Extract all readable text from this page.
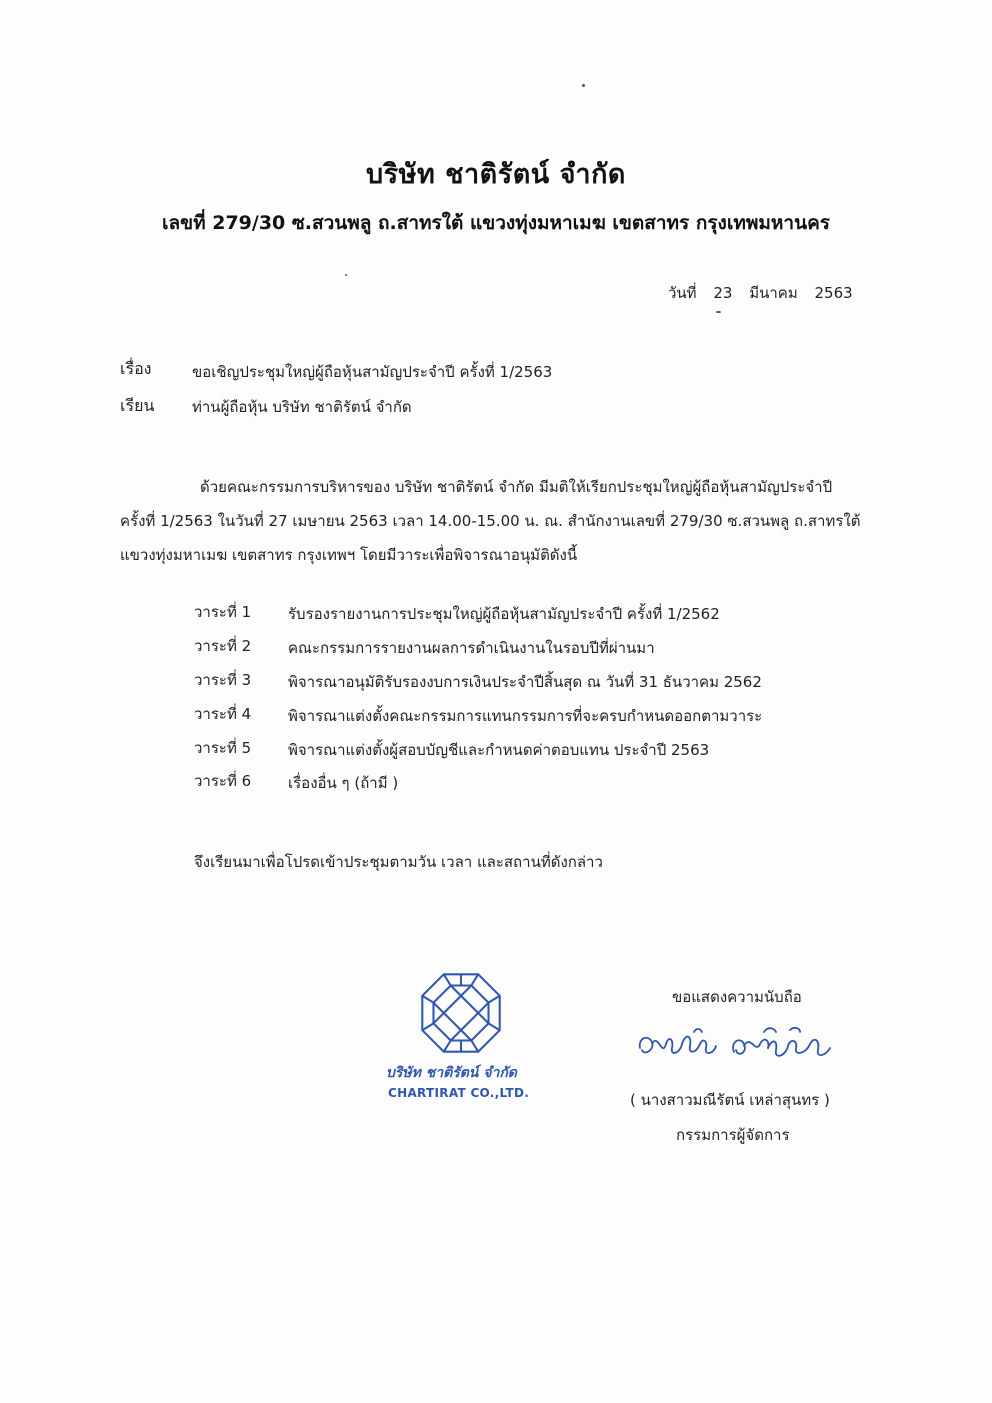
บริษัท ชาติรัตน์ จำกัด
เลขที่ 279/30 ซ.สวนพลู ถ.สาทรใต้ แขวงทุ่งมหาเมฆ เขตสาทร กรุงเทพมหานคร
วันที่ 23 มีนาคม 2563
เรื่อง	ขอเชิญประชุมใหญ่ผู้ถือหุ้นสามัญประจำปี ครั้งที่ 1/2563
เรียน	ท่านผู้ถือหุ้น บริษัท ชาติรัตน์ จำกัด
ด้วยคณะกรรมการบริหารของ บริษัท ชาติรัตน์ จำกัด มีมติให้เรียกประชุมใหญ่ผู้ถือหุ้นสามัญประจำปี
ครั้งที่ 1/2563 ในวันที่ 27 เมษายน 2563 เวลา 14.00-15.00 น. ณ. สำนักงานเลขที่ 279/30 ซ.สวนพลู ถ.สาทรใต้
แขวงทุ่งมหาเมฆ เขตสาทร กรุงเทพฯ โดยมีวาระเพื่อพิจารณาอนุมัติดังนี้
วาระที่ 1 รับรองรายงานการประชุมใหญ่ผู้ถือหุ้นสามัญประจำปี ครั้งที่ 1/2562
วาระที่ 2 คณะกรรมการรายงานผลการดำเนินงานในรอบปีที่ผ่านมา
วาระที่ 3 พิจารณาอนุมัติรับรองงบการเงินประจำปีสิ้นสุด ณ วันที่ 31 ธันวาคม 2562
วาระที่ 4 พิจารณาแต่งตั้งคณะกรรมการแทนกรรมการที่จะครบกำหนดออกตามวาระ
วาระที่ 5 พิจารณาแต่งตั้งผู้สอบบัญชีและกำหนดค่าตอบแทน ประจำปี 2563
วาระที่ 6 เรื่องอื่น ๆ (ถ้ามี )
จึงเรียนมาเพื่อโปรดเข้าประชุมตามวัน เวลา และสถานที่ดังกล่าว
บริษัท ชาติรัตน์ จำกัด
CHARTIRAT CO.,LTD.
ขอแสดงความนับถือ
( นางสาวมณีรัตน์ เหล่าสุนทร )
กรรมการผู้จัดการ
